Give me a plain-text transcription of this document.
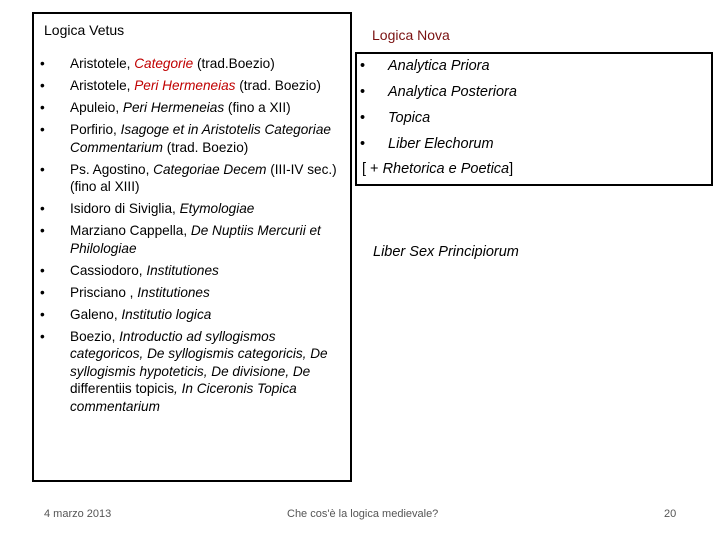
Logica Vetus
• Aristotele, Categorie (trad.Boezio)
• Aristotele, Peri Hermeneias (trad. Boezio)
• Apuleio, Peri Hermeneias (fino a XII)
• Porfirio, Isagoge et in Aristotelis Categoriae Commentarium (trad. Boezio)
• Ps. Agostino, Categoriae Decem (III-IV sec.) (fino al XIII)
• Isidoro di Siviglia, Etymologiae
• Marziano Cappella, De Nuptiis Mercurii et Philologiae
• Cassiodoro, Institutiones
• Prisciano , Institutiones
• Galeno, Institutio logica
• Boezio, Introductio ad syllogismos categoricos, De syllogismis categoricis, De syllogismis hypoteticis, De divisione, De differentiis topicis, In Ciceronis Topica commentarium
Logica Nova
• Analytica Priora
• Analytica Posteriora
• Topica
• Liber Elechorum
[ + Rhetorica e Poetica]
Liber Sex Principiorum
4 marzo 2013	Che cos'è la logica medievale?	20
